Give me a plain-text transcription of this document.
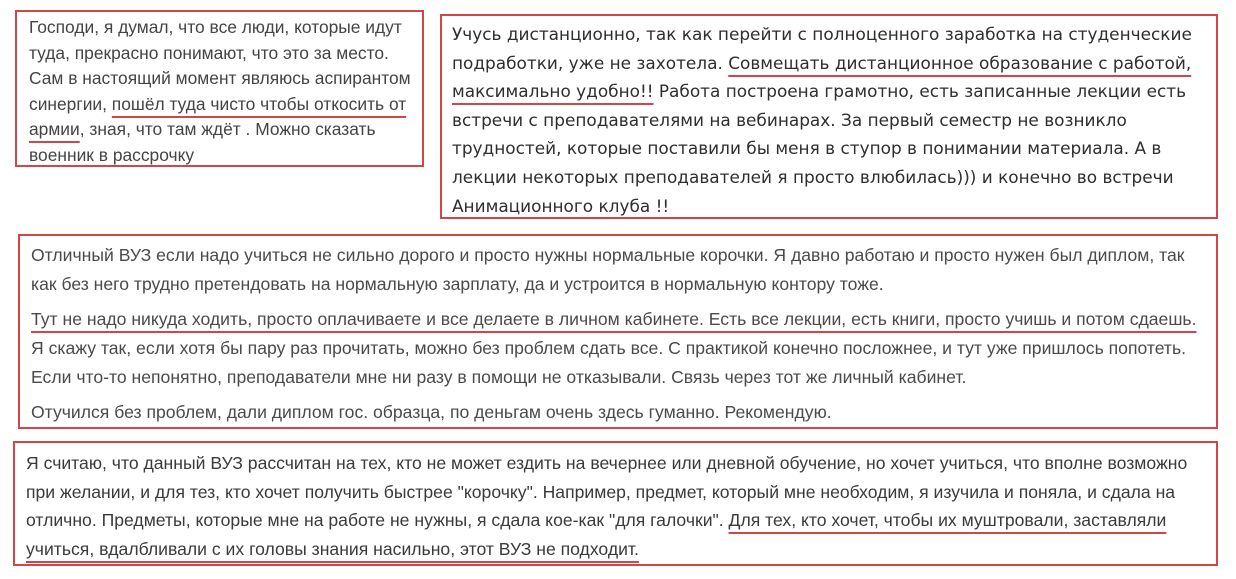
Господи, я думал, что все люди, которые идут туда, прекрасно понимают, что это за место. Сам в настоящий момент являюсь аспирантом синергии, пошёл туда чисто чтобы откосить от армии, зная, что там ждёт . Можно сказать военник в рассрочку

Учусь дистанционно, так как перейти с полноценного заработка на студенческие подработки, уже не захотела. Совмещать дистанционное образование с работой, максимально удобно!! Работа построена грамотно, есть записанные лекции есть встречи с преподавателями на вебинарах. За первый семестр не возникло трудностей, которые поставили бы меня в ступор в понимании материала. А в лекции некоторых преподавателей я просто влюбилась))) и конечно во встречи Анимационного клуба !!

Отличный ВУЗ если надо учиться не сильно дорого и просто нужны нормальные корочки. Я давно работаю и просто нужен был диплом, так как без него трудно претендовать на нормальную зарплату, да и устроится в нормальную контору тоже.

Тут не надо никуда ходить, просто оплачиваете и все делаете в личном кабинете. Есть все лекции, есть книги, просто учишь и потом сдаешь. Я скажу так, если хотя бы пару раз прочитать, можно без проблем сдать все. С практикой конечно посложнее, и тут уже пришлось попотеть. Если что-то непонятно, преподаватели мне ни разу в помощи не отказывали. Связь через тот же личный кабинет.

Отучился без проблем, дали диплом гос. образца, по деньгам очень здесь гуманно. Рекомендую.

Я считаю, что данный ВУЗ рассчитан на тех, кто не может ездить на вечернее или дневной обучение, но хочет учиться, что вполне возможно при желании, и для тез, кто хочет получить быстрее "корочку". Например, предмет, который мне необходим, я изучила и поняла, и сдала на отлично. Предметы, которые мне на работе не нужны, я сдала кое-как "для галочки". Для тех, кто хочет, чтобы их муштровали, заставляли учиться, вдалбливали с их головы знания насильно, этот ВУЗ не подходит.
